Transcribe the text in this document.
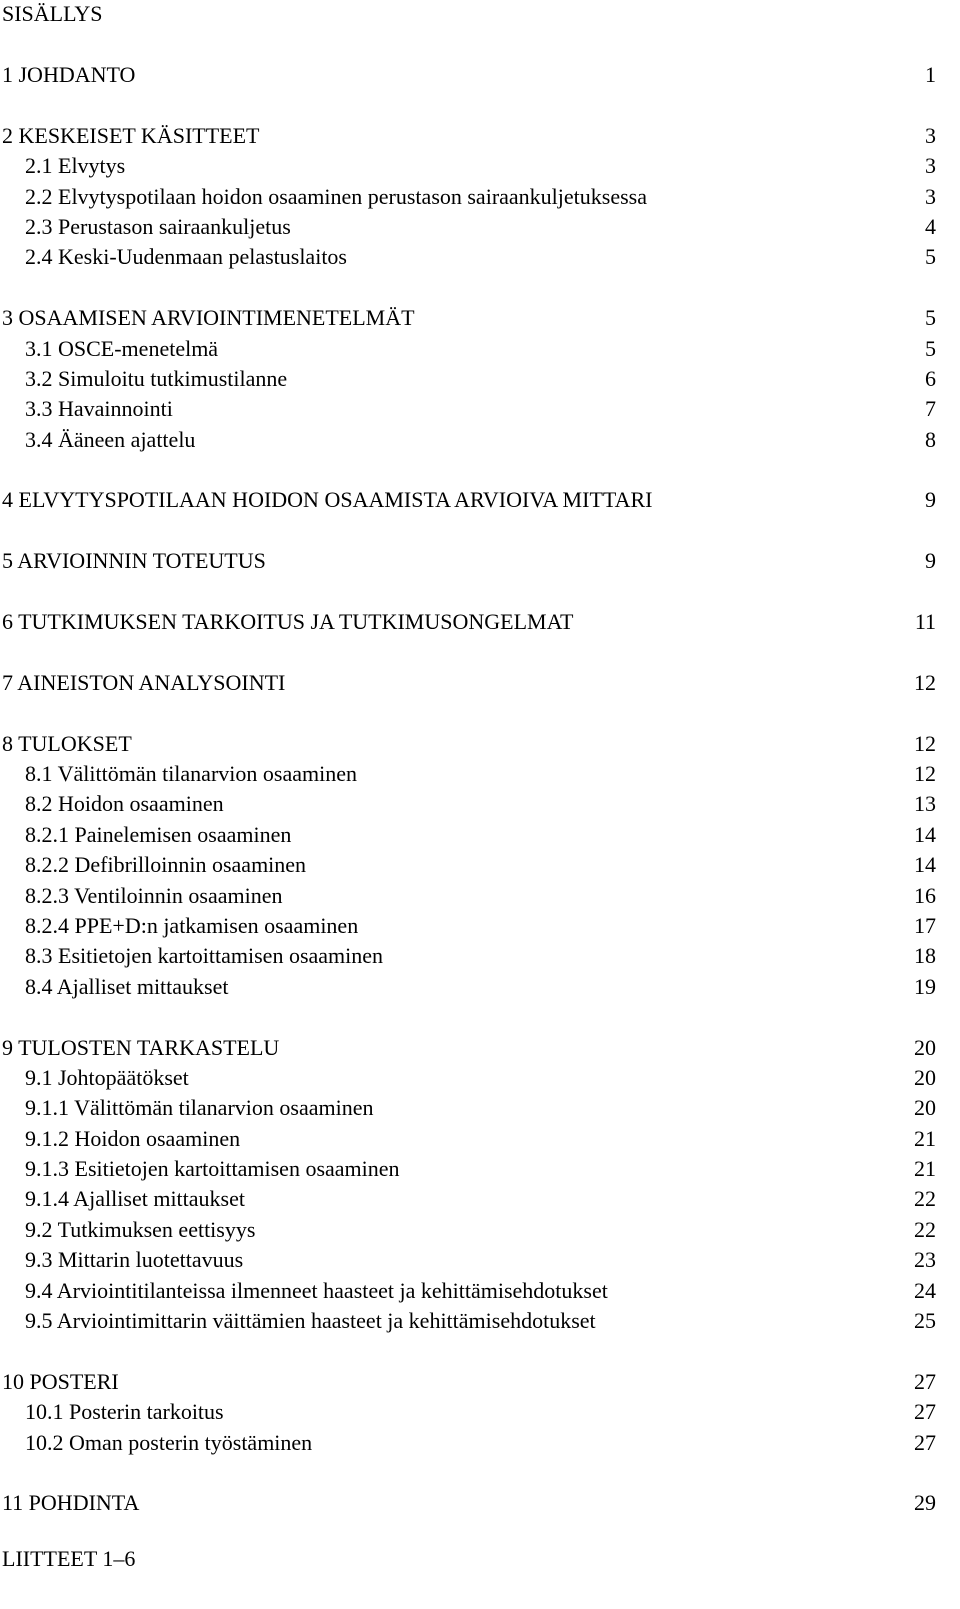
SISÄLLYS
1 JOHDANTO	1
2 KESKEISET KÄSITTEET	3
2.1 Elvytys	3
2.2 Elvytyspotilaan hoidon osaaminen perustason sairaankuljetuksessa	3
2.3 Perustason sairaankuljetus	4
2.4 Keski-Uudenmaan pelastuslaitos	5
3 OSAAMISEN ARVIOINTIMENETELMÄT	5
3.1 OSCE-menetelmä	5
3.2 Simuloitu tutkimustilanne	6
3.3 Havainnointi	7
3.4 Ääneen ajattelu	8
4 ELVYTYSPOTILAAN HOIDON OSAAMISTA ARVIOIVA MITTARI	9
5 ARVIOINNIN TOTEUTUS	9
6 TUTKIMUKSEN TARKOITUS JA TUTKIMUSONGELMAT	11
7 AINEISTON ANALYSOINTI	12
8 TULOKSET	12
8.1 Välittömän tilanarvion osaaminen	12
8.2 Hoidon osaaminen	13
8.2.1 Painelemisen osaaminen	14
8.2.2 Defibrilloinnin osaaminen	14
8.2.3 Ventiloinnin osaaminen	16
8.2.4 PPE+D:n jatkamisen osaaminen	17
8.3 Esitietojen kartoittamisen osaaminen	18
8.4 Ajalliset mittaukset	19
9 TULOSTEN TARKASTELU	20
9.1 Johtopäätökset	20
9.1.1 Välittömän tilanarvion osaaminen	20
9.1.2 Hoidon osaaminen	21
9.1.3 Esitietojen kartoittamisen osaaminen	21
9.1.4 Ajalliset mittaukset	22
9.2 Tutkimuksen eettisyys	22
9.3 Mittarin luotettavuus	23
9.4 Arviointitilanteissa ilmenneet haasteet ja kehittämisehdotukset	24
9.5 Arviointimittarin väittämien haasteet ja kehittämisehdotukset	25
10 POSTERI	27
10.1 Posterin tarkoitus	27
10.2 Oman posterin työstäminen	27
11 POHDINTA	29
LIITTEET 1–6
